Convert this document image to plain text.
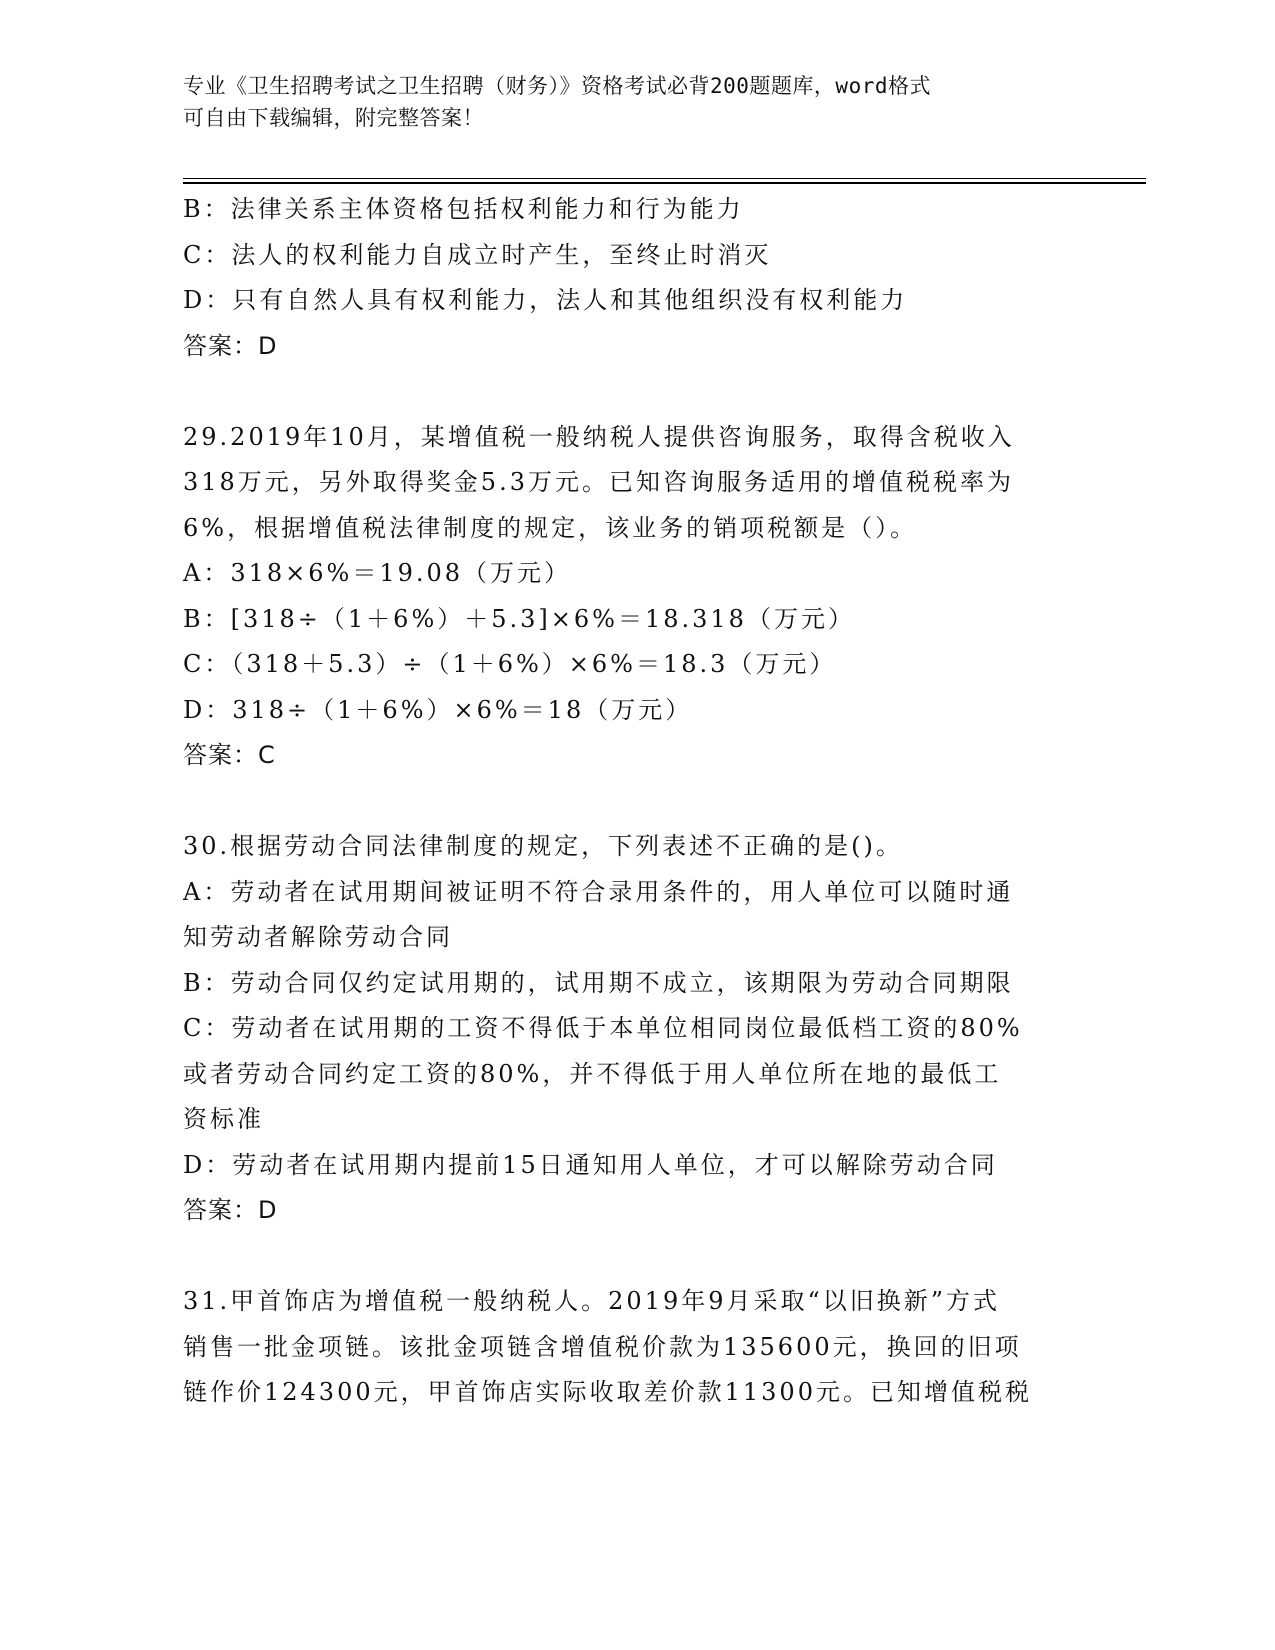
专业《卫生招聘考试之卫生招聘（财务）》资格考试必背200题题库，word格式
可自由下载编辑，附完整答案！
B：法律关系主体资格包括权利能力和行为能力
C：法人的权利能力自成立时产生，至终止时消灭
D：只有自然人具有权利能力，法人和其他组织没有权利能力
答案：D
29.2019年10月，某增值税一般纳税人提供咨询服务，取得含税收入
318万元，另外取得奖金5.3万元。已知咨询服务适用的增值税税率为
6%，根据增值税法律制度的规定，该业务的销项税额是（）。
A：318×6%＝19.08（万元）
B：[318÷（1＋6%）＋5.3]×6%＝18.318（万元）
C：（318＋5.3）÷（1＋6%）×6%＝18.3（万元）
D：318÷（1＋6%）×6%＝18（万元）
答案：C
30.根据劳动合同法律制度的规定，下列表述不正确的是()。
A：劳动者在试用期间被证明不符合录用条件的，用人单位可以随时通
知劳动者解除劳动合同
B：劳动合同仅约定试用期的，试用期不成立，该期限为劳动合同期限
C：劳动者在试用期的工资不得低于本单位相同岗位最低档工资的80%
或者劳动合同约定工资的80%，并不得低于用人单位所在地的最低工
资标准
D：劳动者在试用期内提前15日通知用人单位，才可以解除劳动合同
答案：D
31.甲首饰店为增值税一般纳税人。2019年9月采取“以旧换新”方式
销售一批金项链。该批金项链含增值税价款为135600元，换回的旧项
链作价124300元，甲首饰店实际收取差价款11300元。已知增值税税
